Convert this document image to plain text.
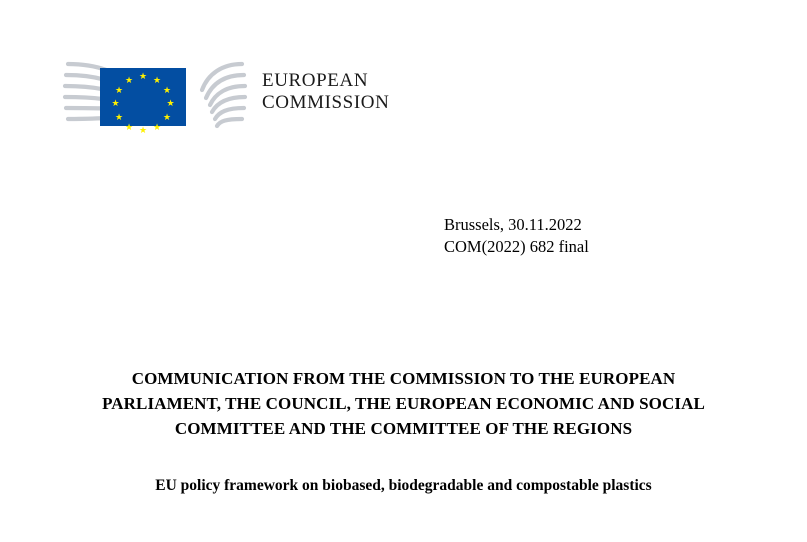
★ ★
★
★
★
★
★
★
★
★
★
★	EUROPEAN
COMMISSION
Brussels, 30.11.2022
COM(2022) 682 final
COMMUNICATION FROM THE COMMISSION TO THE EUROPEAN PARLIAMENT, THE COUNCIL, THE EUROPEAN ECONOMIC AND SOCIAL COMMITTEE AND THE COMMITTEE OF THE REGIONS
EU policy framework on biobased, biodegradable and compostable plastics
